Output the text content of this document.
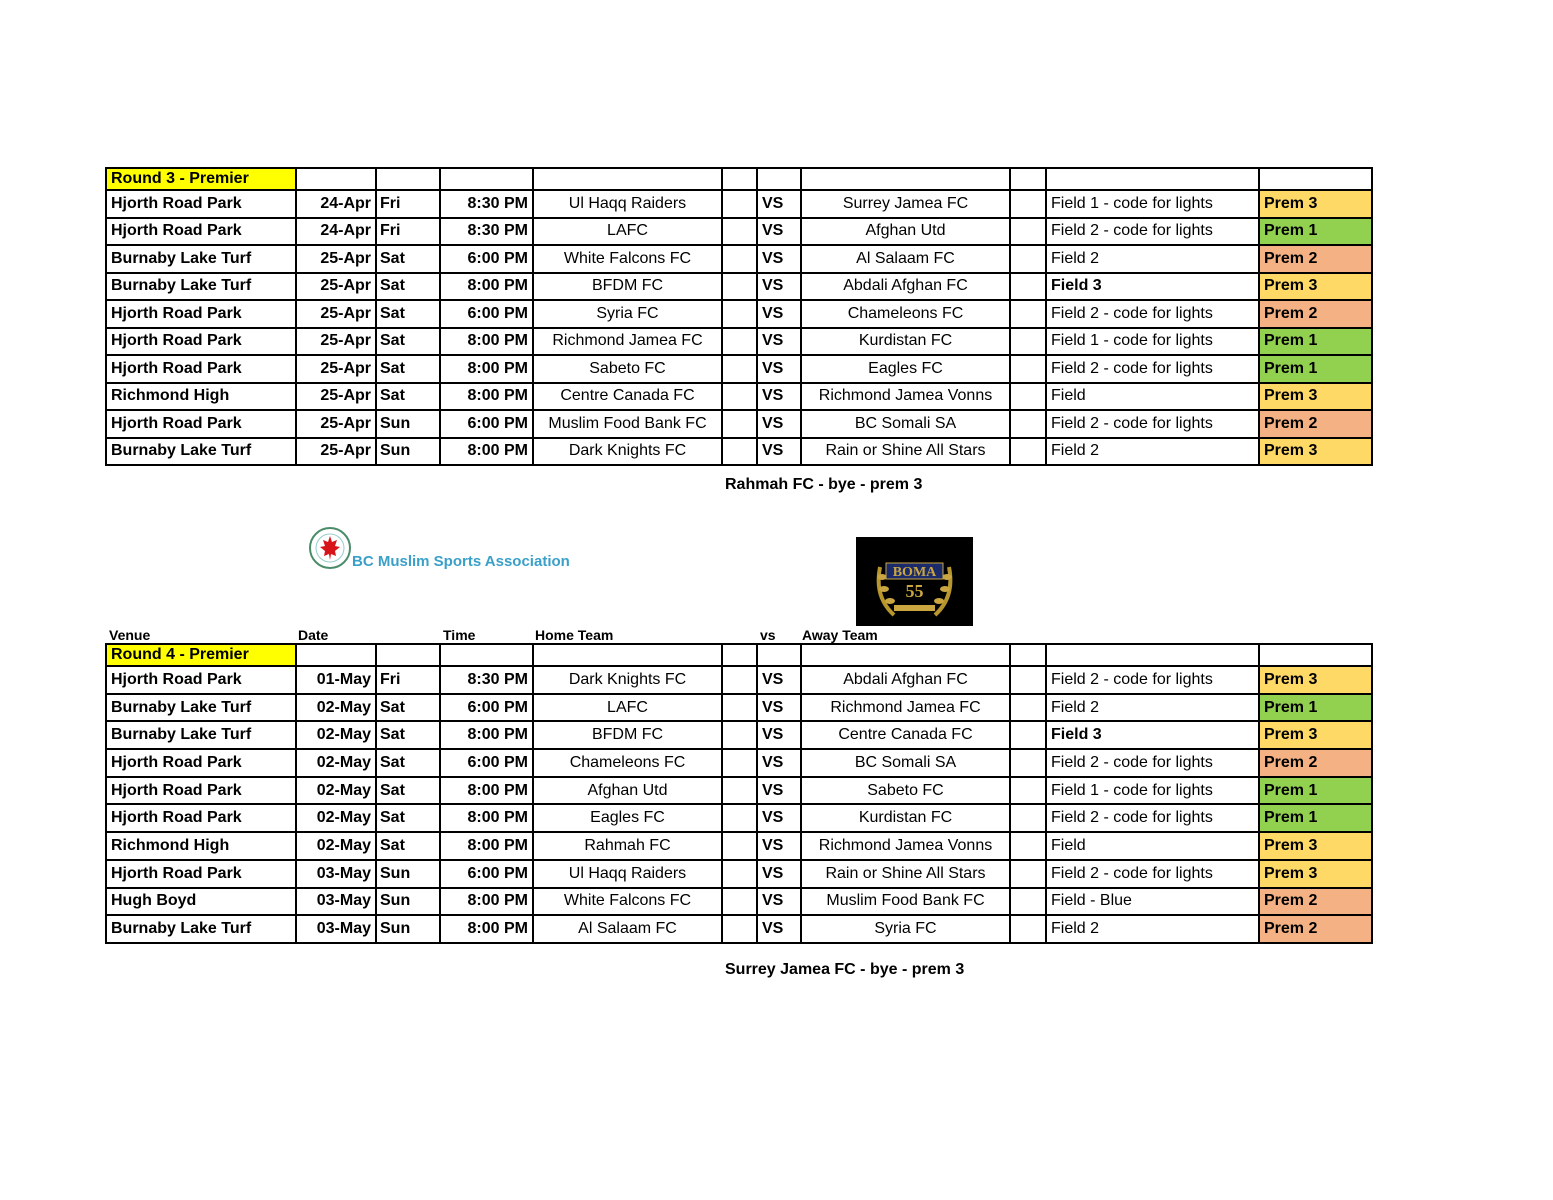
Round 3 - Premier										
Hjorth Road Park	24-Apr	Fri	8:30 PM	Ul Haqq Raiders		VS	Surrey Jamea FC		Field 1 - code for lights	Prem 3
Hjorth Road Park	24-Apr	Fri	8:30 PM	LAFC		VS	Afghan Utd		Field 2 - code for lights	Prem 1
Burnaby Lake Turf	25-Apr	Sat	6:00 PM	White Falcons FC		VS	Al Salaam FC		Field 2	Prem 2
Burnaby Lake Turf	25-Apr	Sat	8:00 PM	BFDM FC		VS	Abdali Afghan FC		Field 3	Prem 3
Hjorth Road Park	25-Apr	Sat	6:00 PM	Syria FC		VS	Chameleons FC		Field 2 - code for lights	Prem 2
Hjorth Road Park	25-Apr	Sat	8:00 PM	Richmond Jamea FC		VS	Kurdistan FC		Field 1 - code for lights	Prem 1
Hjorth Road Park	25-Apr	Sat	8:00 PM	Sabeto FC		VS	Eagles FC		Field 2 - code for lights	Prem 1
Richmond High	25-Apr	Sat	8:00 PM	Centre Canada FC		VS	Richmond Jamea Vonns		Field	Prem 3
Hjorth Road Park	25-Apr	Sun	6:00 PM	Muslim Food Bank FC		VS	BC Somali SA		Field 2 - code for lights	Prem 2
Burnaby Lake Turf	25-Apr	Sun	8:00 PM	Dark Knights FC		VS	Rain or Shine All Stars		Field 2	Prem 3
Rahmah FC - bye - prem 3
BC Muslim Sports Association
BOMA
55
Venue	Date	Time	Home Team	vs Away Team
Round 4 - Premier										
Hjorth Road Park	01-May	Fri	8:30 PM	Dark Knights FC		VS	Abdali Afghan FC		Field 2 - code for lights	Prem 3
Burnaby Lake Turf	02-May	Sat	6:00 PM	LAFC		VS	Richmond Jamea FC		Field 2	Prem 1
Burnaby Lake Turf	02-May	Sat	8:00 PM	BFDM FC		VS	Centre Canada FC		Field 3	Prem 3
Hjorth Road Park	02-May	Sat	6:00 PM	Chameleons FC		VS	BC Somali SA		Field 2 - code for lights	Prem 2
Hjorth Road Park	02-May	Sat	8:00 PM	Afghan Utd		VS	Sabeto FC		Field 1 - code for lights	Prem 1
Hjorth Road Park	02-May	Sat	8:00 PM	Eagles FC		VS	Kurdistan FC		Field 2 - code for lights	Prem 1
Richmond High	02-May	Sat	8:00 PM	Rahmah FC		VS	Richmond Jamea Vonns		Field	Prem 3
Hjorth Road Park	03-May	Sun	6:00 PM	Ul Haqq Raiders		VS	Rain or Shine All Stars		Field 2 - code for lights	Prem 3
Hugh Boyd	03-May	Sun	8:00 PM	White Falcons FC		VS	Muslim Food Bank FC		Field - Blue	Prem 2
Burnaby Lake Turf	03-May	Sun	8:00 PM	Al Salaam FC		VS	Syria FC		Field 2	Prem 2
Surrey Jamea FC - bye - prem 3
